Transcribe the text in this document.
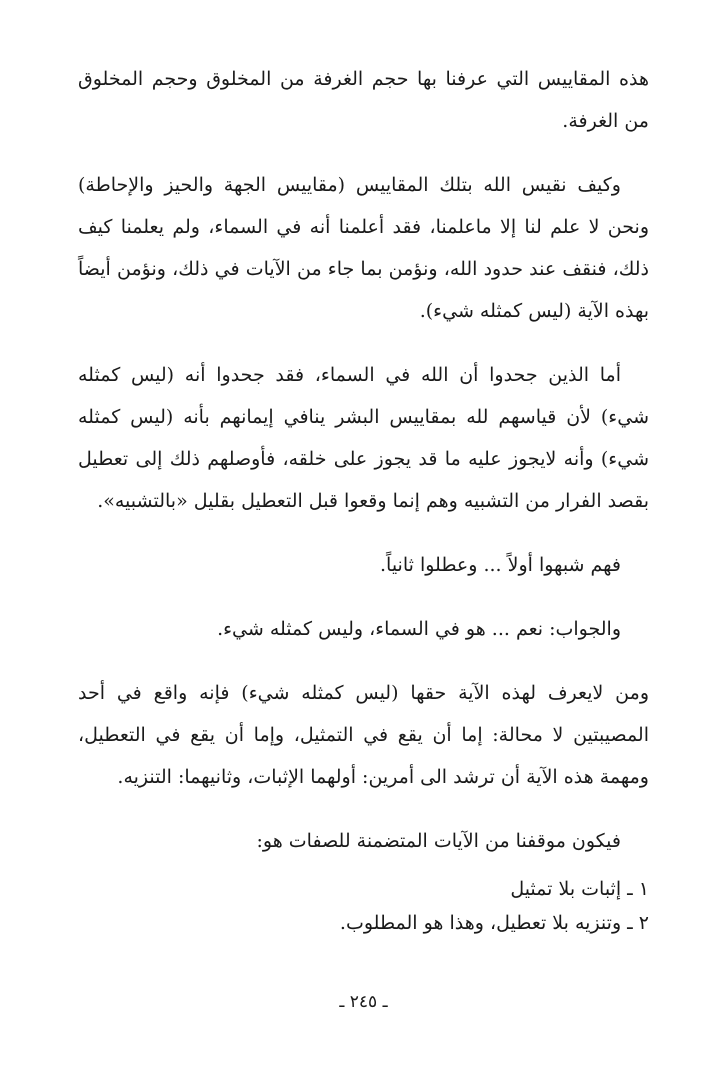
هذه المقاييس التي عرفنا بها حجم الغرفة من المخلوق وحجم المخلوق من الغرفة.

وكيف نقيس الله بتلك المقاييس (مقاييس الجهة والحيز والإحاطة) ونحن لا علم لنا إلا ماعلمنا، فقد أعلمنا أنه في السماء، ولم يعلمنا كيف ذلك، فنقف عند حدود الله، ونؤمن بما جاء من الآيات في ذلك، ونؤمن أيضاً بهذه الآية (ليس كمثله شيء).

أما الذين جحدوا أن الله في السماء، فقد جحدوا أنه (ليس كمثله شيء) لأن قياسهم لله بمقاييس البشر ينافي إيمانهم بأنه (ليس كمثله شيء) وأنه لايجوز عليه ما قد يجوز على خلقه، فأوصلهم ذلك إلى تعطيل بقصد الفرار من التشبيه وهم إنما وقعوا قبل التعطيل بقليل «بالتشبيه».

فهم شبهوا أولاً ... وعطلوا ثانياً.

والجواب: نعم ... هو في السماء، وليس كمثله شيء.

ومن لايعرف لهذه الآية حقها (ليس كمثله شيء) فإنه واقع في أحد المصيبتين لا محالة: إما أن يقع في التمثيل، وإما أن يقع في التعطيل، ومهمة هذه الآية أن ترشد الى أمرين: أولهما الإثبات، وثانيهما: التنزيه.

فيكون موقفنا من الآيات المتضمنة للصفات هو:

١ ـ إثبات بلا تمثيل
٢ ـ وتنزيه بلا تعطيل، وهذا هو المطلوب.
ـ ٢٤٥ ـ
